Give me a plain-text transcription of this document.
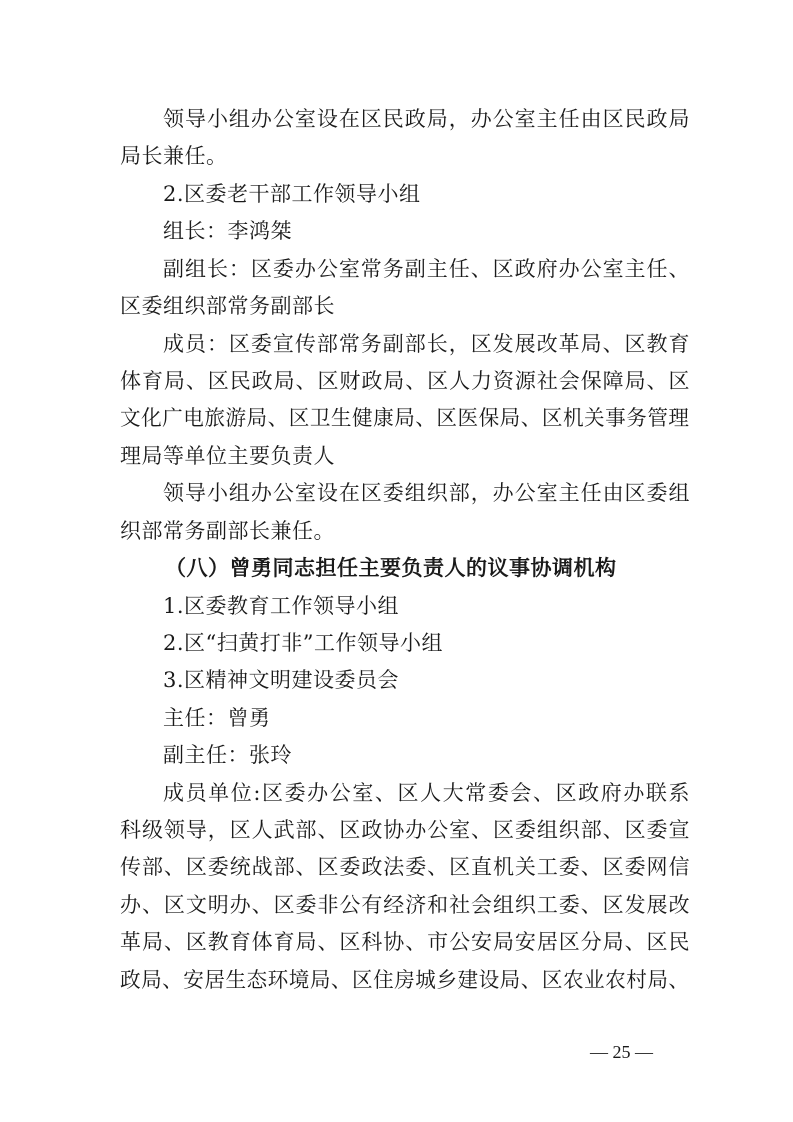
领导小组办公室设在区民政局，办公室主任由区民政局
局长兼任。
2.区委老干部工作领导小组
组长：李鸿桀
副组长：区委办公室常务副主任、区政府办公室主任、
区委组织部常务副部长
成员：区委宣传部常务副部长，区发展改革局、区教育
体育局、区民政局、区财政局、区人力资源社会保障局、区
文化广电旅游局、区卫生健康局、区医保局、区机关事务管理
理局等单位主要负责人
领导小组办公室设在区委组织部，办公室主任由区委组
织部常务副部长兼任。
（八）曾勇同志担任主要负责人的议事协调机构
1.区委教育工作领导小组
2.区“扫黄打非”工作领导小组
3.区精神文明建设委员会
主任：曾勇
副主任：张玲
成员单位:区委办公室、区人大常委会、区政府办联系
科级领导，区人武部、区政协办公室、区委组织部、区委宣
传部、区委统战部、区委政法委、区直机关工委、区委网信
办、区文明办、区委非公有经济和社会组织工委、区发展改
革局、区教育体育局、区科协、市公安局安居区分局、区民
政局、安居生态环境局、区住房城乡建设局、区农业农村局、
— 25 —
